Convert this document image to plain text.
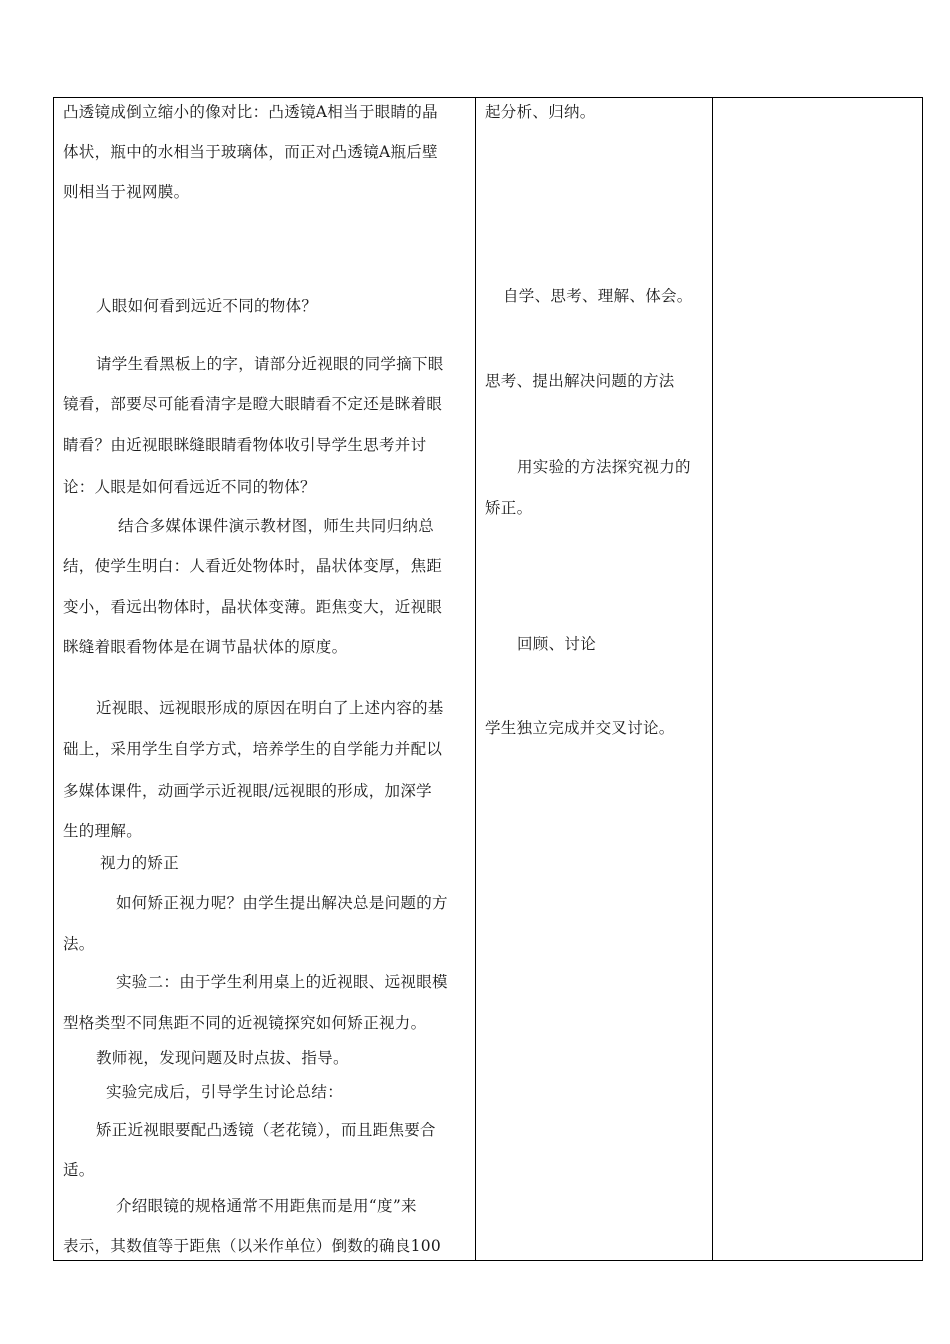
凸透镜成倒立缩小的像对比：凸透镜A相当于眼睛的晶
体状，瓶中的水相当于玻璃体，而正对凸透镜A瓶后壁
则相当于视网膜。
人眼如何看到远近不同的物体？
请学生看黑板上的字，请部分近视眼的同学摘下眼
镜看，部要尽可能看清字是瞪大眼睛看不定还是眯着眼
睛看？由近视眼眯缝眼睛看物体收引导学生思考并讨
论：人眼是如何看远近不同的物体？
结合多媒体课件演示教材图，师生共同归纳总
结，使学生明白：人看近处物体时，晶状体变厚，焦距
变小，看远出物体时，晶状体变薄。距焦变大，近视眼
眯缝着眼看物体是在调节晶状体的原度。
近视眼、远视眼形成的原因在明白了上述内容的基
础上，采用学生自学方式，培养学生的自学能力并配以
多媒体课件，动画学示近视眼/远视眼的形成，加深学
生的理解。
视力的矫正
如何矫正视力呢？由学生提出解决总是问题的方
法。
实验二：由于学生利用桌上的近视眼、远视眼模
型格类型不同焦距不同的近视镜探究如何矫正视力。
教师视，发现问题及时点拔、指导。
实验完成后，引导学生讨论总结：
矫正近视眼要配凸透镜（老花镜），而且距焦要合
适。
介绍眼镜的规格通常不用距焦而是用“度”来
表示，其数值等于距焦（以米作单位）倒数的确良100
起分析、归纳。
自学、思考、理解、体会。
思考、提出解决问题的方法
用实验的方法探究视力的
矫正。
回顾、讨论
学生独立完成并交叉讨论。
